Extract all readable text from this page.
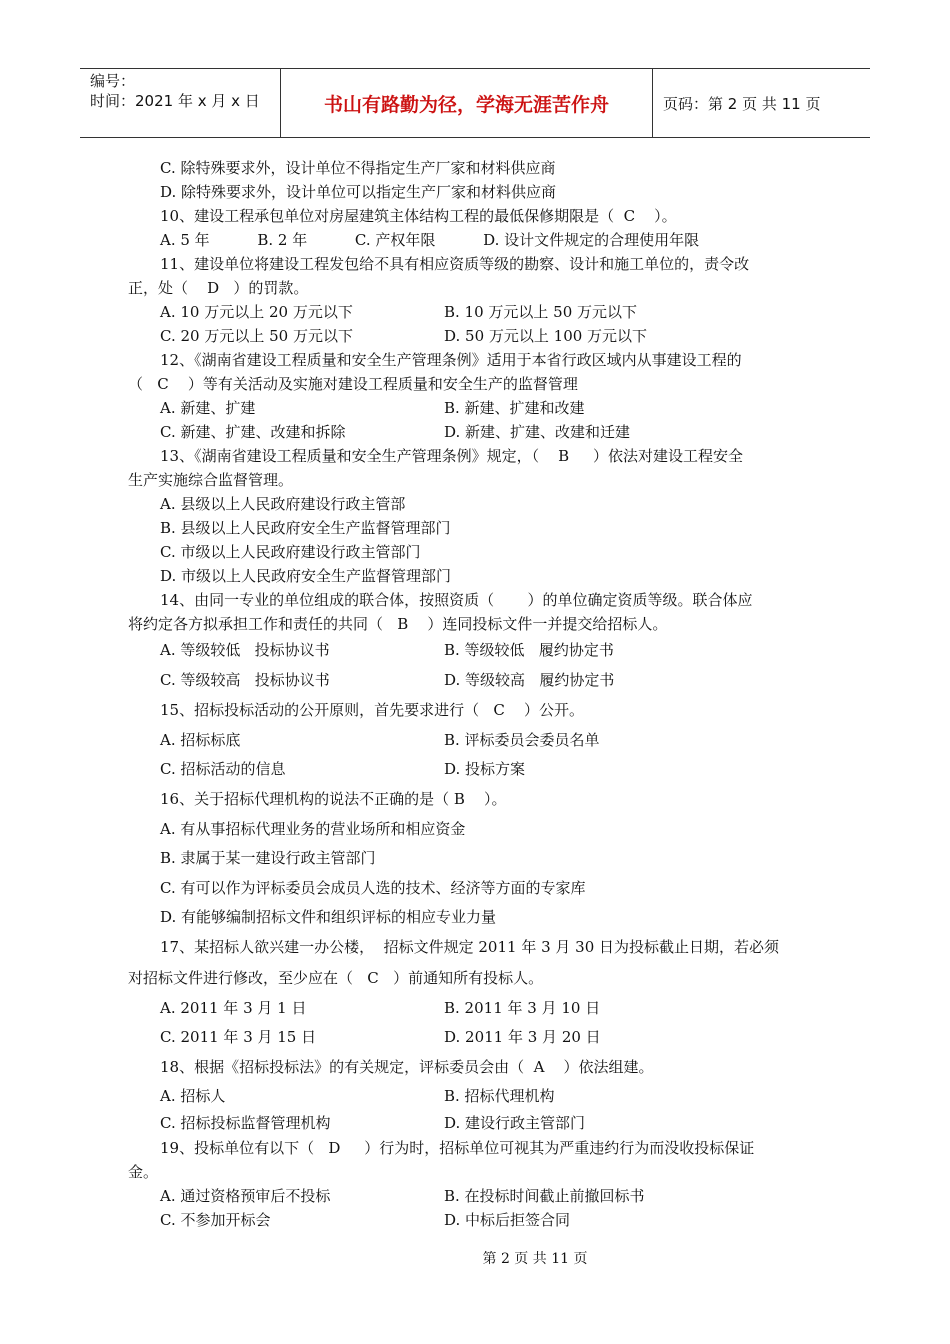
编号：
时间：2021 年 x 月 x 日	书山有路勤为径，学海无涯苦作舟	页码：第 2 页 共 11 页
C. 除特殊要求外，设计单位不得指定生产厂家和材料供应商
D. 除特殊要求外，设计单位可以指定生产厂家和材料供应商
10、建设工程承包单位对房屋建筑主体结构工程的最低保修期限是（  C    ）。
A. 5 年          B. 2 年          C. 产权年限          D. 设计文件规定的合理使用年限
11、建设单位将建设工程发包给不具有相应资质等级的勘察、设计和施工单位的，责令改
正，处（    D   ）的罚款。
A. 10 万元以上 20 万元以下	B. 10 万元以上 50 万元以下
C. 20 万元以上 50 万元以下	D. 50 万元以上 100 万元以下
12、《湖南省建设工程质量和安全生产管理条例》适用于本省行政区域内从事建设工程的
（   C    ）等有关活动及实施对建设工程质量和安全生产的监督管理
A. 新建、扩建	B. 新建、扩建和改建
C. 新建、扩建、改建和拆除	D. 新建、扩建、改建和迁建
13、《湖南省建设工程质量和安全生产管理条例》规定，（    B     ）依法对建设工程安全
生产实施综合监督管理。
A. 县级以上人民政府建设行政主管部
B. 县级以上人民政府安全生产监督管理部门
C. 市级以上人民政府建设行政主管部门
D. 市级以上人民政府安全生产监督管理部门
14、由同一专业的单位组成的联合体，按照资质（       ）的单位确定资质等级。联合体应
将约定各方拟承担工作和责任的共同（   B    ）连同投标文件一并提交给招标人。
A. 等级较低   投标协议书	B. 等级较低   履约协定书
C. 等级较高   投标协议书	D. 等级较高   履约协定书
15、招标投标活动的公开原则，首先要求进行（   C    ）公开。
A. 招标标底	B. 评标委员会委员名单
C. 招标活动的信息	D. 投标方案
16、关于招标代理机构的说法不正确的是（ B    ）。
A. 有从事招标代理业务的营业场所和相应资金
B. 隶属于某一建设行政主管部门
C. 有可以作为评标委员会成员人选的技术、经济等方面的专家库
D. 有能够编制招标文件和组织评标的相应专业力量
17、某招标人欲兴建一办公楼，  招标文件规定 2011 年 3 月 30 日为投标截止日期，若必须
对招标文件进行修改，至少应在（   C   ）前通知所有投标人。
A. 2011 年 3 月 1 日	B. 2011 年 3 月 10 日
C. 2011 年 3 月 15 日	D. 2011 年 3 月 20 日
18、根据《招标投标法》的有关规定，评标委员会由（  A    ）依法组建。
A. 招标人	B. 招标代理机构
C. 招标投标监督管理机构	D. 建设行政主管部门
19、投标单位有以下（   D     ）行为时，招标单位可视其为严重违约行为而没收投标保证
金。
A. 通过资格预审后不投标	B. 在投标时间截止前撤回标书
C. 不参加开标会	D. 中标后拒签合同
第 2 页 共 11 页
